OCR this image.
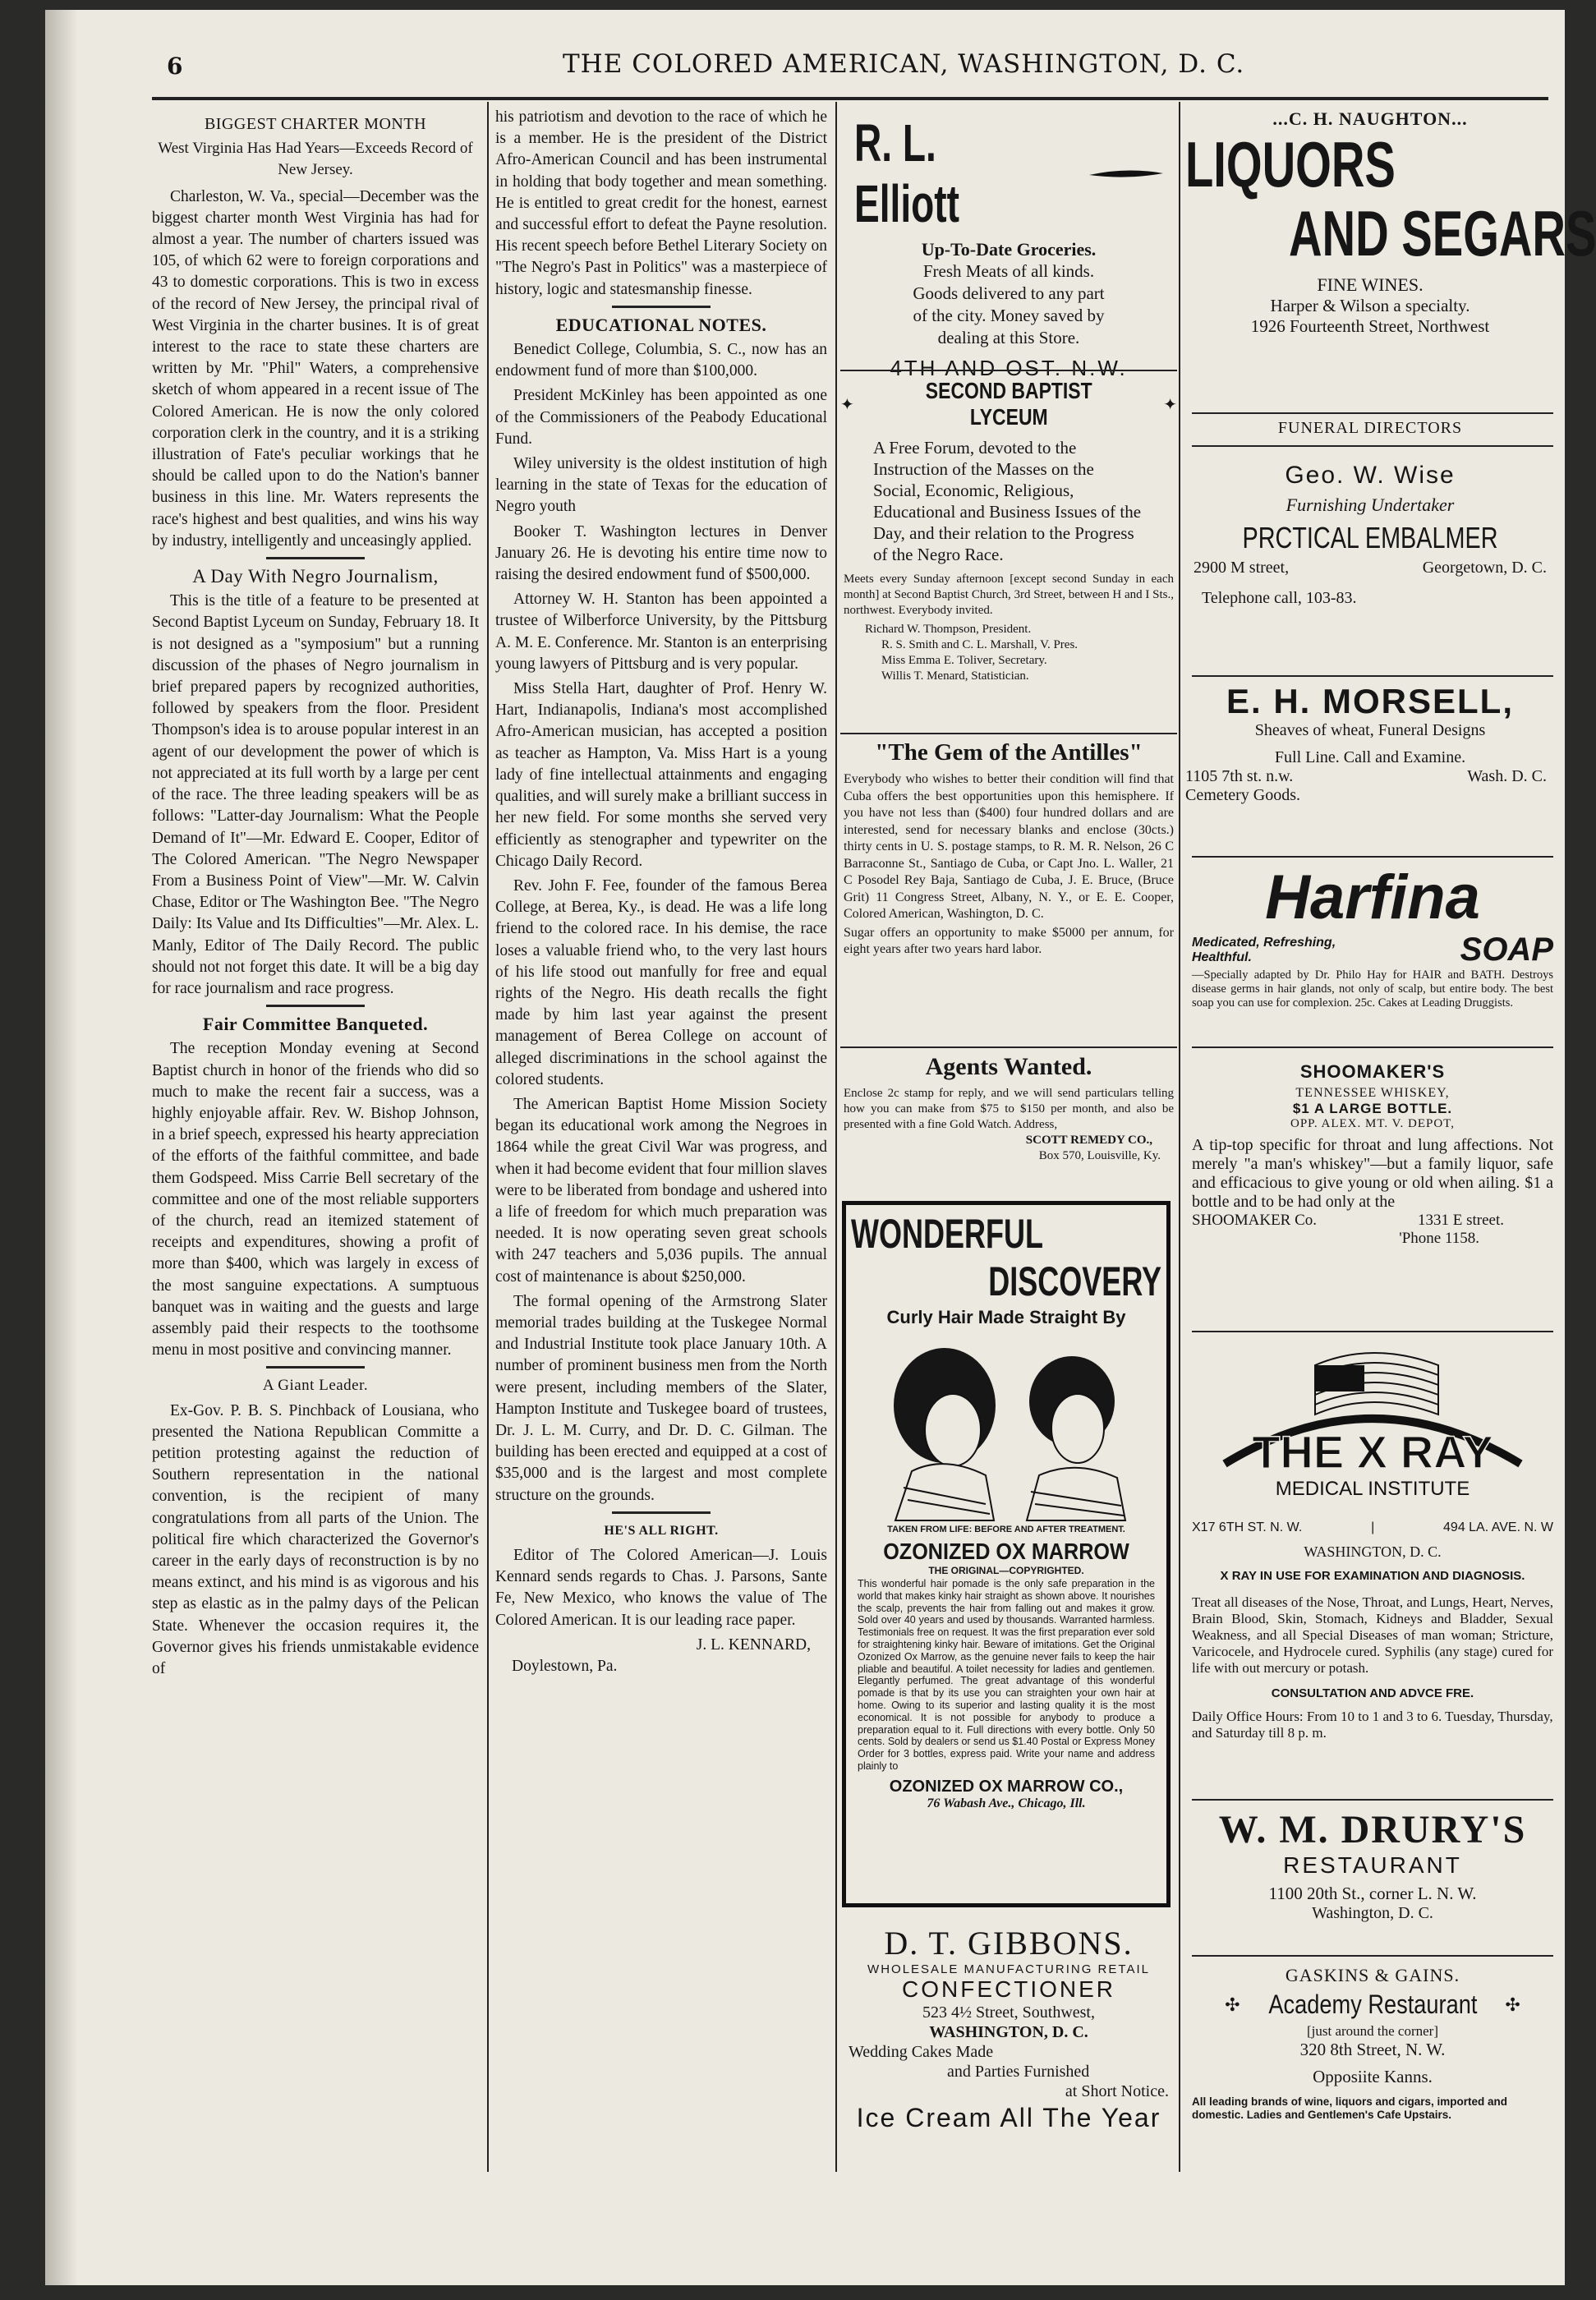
6	THE COLORED AMERICAN, WASHINGTON, D. C.
BIGGEST CHARTER MONTH
West Virginia Has Had Years—Exceeds Record of New Jersey.

Charleston, W. Va., special—December was the biggest charter month West Virginia has had for almost a year. The number of charters issued was 105, of which 62 were to foreign corporations and 43 to domestic corporations. This is two in excess of the record of New Jersey, the principal rival of West Virginia in the charter busines. It is of great interest to the race to state these charters are written by Mr. "Phil" Waters, a comprehensive sketch of whom appeared in a recent issue of The Colored American. He is now the only colored corporation clerk in the country, and it is a striking illustration of Fate's peculiar workings that he should be called upon to do the Nation's banner business in this line. Mr. Waters represents the race's highest and best qualities, and wins his way by industry, intelligently and unceasingly applied.

A Day With Negro Journalism,

This is the title of a feature to be presented at Second Baptist Lyceum on Sunday, February 18. It is not designed as a "symposium" but a running discussion of the phases of Negro journalism in brief prepared papers by recognized authorities, followed by speakers from the floor. President Thompson's idea is to arouse popular interest in an agent of our development the power of which is not appreciated at its full worth by a large per cent of the race. The three leading speakers will be as follows: "Latter-day Journalism: What the People Demand of It"—Mr. Edward E. Cooper, Editor of The Colored American. "The Negro Newspaper From a Business Point of View"—Mr. W. Calvin Chase, Editor or The Washington Bee. "The Negro Daily: Its Value and Its Difficulties"—Mr. Alex. L. Manly, Editor of The Daily Record. The public should not not forget this date. It will be a big day for race journalism and race progress.

Fair Committee Banqueted.

The reception Monday evening at Second Baptist church in honor of the friends who did so much to make the recent fair a success, was a highly enjoyable affair. Rev. W. Bishop Johnson, in a brief speech, expressed his hearty appreciation of the efforts of the faithful committee, and bade them Godspeed. Miss Carrie Bell secretary of the committee and one of the most reliable supporters of the church, read an itemized statement of receipts and expenditures, showing a profit of more than $400, which was largely in excess of the most sanguine expectations. A sumptuous banquet was in waiting and the guests and large assembly paid their respects to the toothsome menu in most positive and convincing manner.

A Giant Leader.

Ex-Gov. P. B. S. Pinchback of Lousiana, who presented the Nationa Republican Committe a petition protesting against the reduction of Southern representation in the national convention, is the recipient of many congratulations from all parts of the Union. The political fire which characterized the Governor's career in the early days of reconstruction is by no means extinct, and his mind is as vigorous and his step as elastic as in the palmy days of the Pelican State. Whenever the occasion requires it, the Governor gives his friends unmistakable evidence of

his patriotism and devotion to the race of which he is a member. He is the president of the District Afro-American Council and has been instrumental in holding that body together and mean something. He is entitled to great credit for the honest, earnest and successful effort to defeat the Payne resolution. His recent speech before Bethel Literary Society on "The Negro's Past in Politics" was a masterpiece of history, logic and statesmanship finesse.

EDUCATIONAL NOTES.

Benedict College, Columbia, S. C., now has an endowment fund of more than $100,000.

President McKinley has been appointed as one of the Commissioners of the Peabody Educational Fund.

Wiley university is the oldest institution of high learning in the state of Texas for the education of Negro youth

Booker T. Washington lectures in Denver January 26. He is devoting his entire time now to raising the desired endowment fund of $500,000.

Attorney W. H. Stanton has been appointed a trustee of Wilberforce University, by the Pittsburg A. M. E. Conference. Mr. Stanton is an enterprising young lawyers of Pittsburg and is very popular.

Miss Stella Hart, daughter of Prof. Henry W. Hart, Indianapolis, Indiana's most accomplished Afro-American musician, has accepted a position as teacher as Hampton, Va. Miss Hart is a young lady of fine intellectual attainments and engaging qualities, and will surely make a brilliant success in her new field. For some months she served very efficiently as stenographer and typewriter on the Chicago Daily Record.

Rev. John F. Fee, founder of the famous Berea College, at Berea, Ky., is dead. He was a life long friend to the colored race. In his demise, the race loses a valuable friend who, to the very last hours of his life stood out manfully for free and equal rights of the Negro. His death recalls the fight made by him last year against the present management of Berea College on account of alleged discriminations in the school against the colored students.

The American Baptist Home Mission Society began its educational work among the Negroes in 1864 while the great Civil War was progress, and when it had become evident that four million slaves were to be liberated from bondage and ushered into a life of freedom for which much preparation was needed. It is now operating seven great schools with 247 teachers and 5,036 pupils. The annual cost of maintenance is about $250,000.

The formal opening of the Armstrong Slater memorial trades building at the Tuskegee Normal and Industrial Institute took place January 10th. A number of prominent business men from the North were present, including members of the Slater, Hampton Institute and Tuskegee board of trustees, Dr. J. L. M. Curry, and Dr. D. C. Gilman. The building has been erected and equipped at a cost of $35,000 and is the largest and most complete structure on the grounds.

HE'S ALL RIGHT.

Editor of The Colored American—J. Louis Kennard sends regards to Chas. J. Parsons, Sante Fe, New Mexico, who knows the value of The Colored American. It is our leading race paper.

J. L. KENNARD,
Doylestown, Pa.
R. L. Elliott
Up-To-Date Groceries.
Fresh Meats of all kinds.
Goods delivered to any part
of the city. Money saved by
dealing at this Store.
4TH AND OST. N.W.
✦
SECOND BAPTIST LYCEUM	✦
A Free Forum, devoted to the Instruction of the Masses on the Social, Economic, Religious, Educational and Business Issues of the Day, and their relation to the Progress of the Negro Race.
Meets every Sunday afternoon [except second Sunday in each month] at Second Baptist Church, 3rd Street, between H and I Sts., northwest. Everybody invited.
Richard W. Thompson, President.
R. S. Smith and C. L. Marshall, V. Pres.
Miss Emma E. Toliver, Secretary.
Willis T. Menard, Statistician.
"The Gem of the Antilles"
Everybody who wishes to better their condition will find that Cuba offers the best opportunities upon this hemisphere. If you have not less than ($400) four hundred dollars and are interested, send for necessary blanks and enclose (30cts.) thirty cents in U. S. postage stamps, to R. M. R. Nelson, 26 C Barraconne St., Santiago de Cuba, or Capt Jno. L. Waller, 21 C Posodel Rey Baja, Santiago de Cuba, J. E. Bruce, (Bruce Grit) 11 Congress Street, Albany, N. Y., or E. E. Cooper, Colored American, Washington, D. C.
Sugar offers an opportunity to make $5000 per annum, for eight years after two years hard labor.
Agents Wanted.
Enclose 2c stamp for reply, and we will send particulars telling how you can make from $75 to $150 per month, and also be presented with a fine Gold Watch. Address,
SCOTT REMEDY CO.,
Box 570, Louisville, Ky.
WONDERFUL
DISCOVERY
Curly Hair Made Straight By
TAKEN FROM LIFE: BEFORE AND AFTER TREATMENT.
OZONIZED OX MARROW
THE ORIGINAL—COPYRIGHTED.
This wonderful hair pomade is the only safe preparation in the world that makes kinky hair straight as shown above. It nourishes the scalp, prevents the hair from falling out and makes it grow. Sold over 40 years and used by thousands. Warranted harmless. Testimonials free on request. It was the first preparation ever sold for straightening kinky hair. Beware of imitations. Get the Original Ozonized Ox Marrow, as the genuine never fails to keep the hair pliable and beautiful. A toilet necessity for ladies and gentlemen. Elegantly perfumed. The great advantage of this wonderful pomade is that by its use you can straighten your own hair at home. Owing to its superior and lasting quality it is the most economical. It is not possible for anybody to produce a preparation equal to it. Full directions with every bottle. Only 50 cents. Sold by dealers or send us $1.40 Postal or Express Money Order for 3 bottles, express paid. Write your name and address plainly to
OZONIZED OX MARROW CO.,
76 Wabash Ave., Chicago, Ill.
D. T. GIBBONS.
WHOLESALE MANUFACTURING RETAIL
CONFECTIONER
523 4½ Street, Southwest,
WASHINGTON, D. C.
Wedding Cakes Made
and Parties Furnished
at Short Notice.
Ice Cream All The Year
...C. H. NAUGHTON...
LIQUORS
AND SEGARS
FINE WINES.
Harper & Wilson a specialty.
1926 Fourteenth Street, Northwest
FUNERAL DIRECTORS
Geo. W. Wise
Furnishing Undertaker
PRCTICAL EMBALMER
2900 M street,	Georgetown, D. C.
Telephone call, 103-83.
E. H. MORSELL,
Sheaves of wheat, Funeral Designs
Full Line. Call and Examine.
1105 7th st. n.w.	Wash. D. C.
Cemetery Goods.
Harfina
Medicated, Refreshing, Healthful.	SOAP
—Specially adapted by Dr. Philo Hay for HAIR and BATH. Destroys disease germs in hair glands, not only of scalp, but entire body. The best soap you can use for complexion. 25c. Cakes at Leading Druggists.
SHOOMAKER'S
TENNESSEE WHISKEY,
$1 A LARGE BOTTLE.
OPP. ALEX. MT. V. DEPOT,
A tip-top specific for throat and lung affections. Not merely "a man's whiskey"—but a family liquor, safe and efficacious to give young or old when ailing. $1 a bottle and to be had only at the
SHOOMAKER Co.	1331 E street.
'Phone 1158.
THE X RAY
MEDICAL INSTITUTE
X17 6TH ST. N. W.	|	494 LA. AVE. N. W
WASHINGTON, D. C.
X RAY IN USE FOR EXAMINATION AND DIAGNOSIS.
Treat all diseases of the Nose, Throat, and Lungs, Heart, Nerves, Brain Blood, Skin, Stomach, Kidneys and Bladder, Sexual Weakness, and all Special Diseases of man woman; Stricture, Varicocele, and Hydrocele cured. Syphilis (any stage) cured for life with out mercury or potash.
CONSULTATION AND ADVCE FRE.
Daily Office Hours: From 10 to 1 and 3 to 6. Tuesday, Thursday, and Saturday till 8 p. m.
W. M. DRURY'S
RESTAURANT
1100 20th St., corner L. N. W.
Washington, D. C.
GASKINS & GAINS.
✣ Academy Restaurant ✣
[just around the corner]
320 8th Street, N. W.
Opposiite Kanns.
All leading brands of wine, liquors and cigars, imported and domestic. Ladies and Gentlemen's Cafe Upstairs.
